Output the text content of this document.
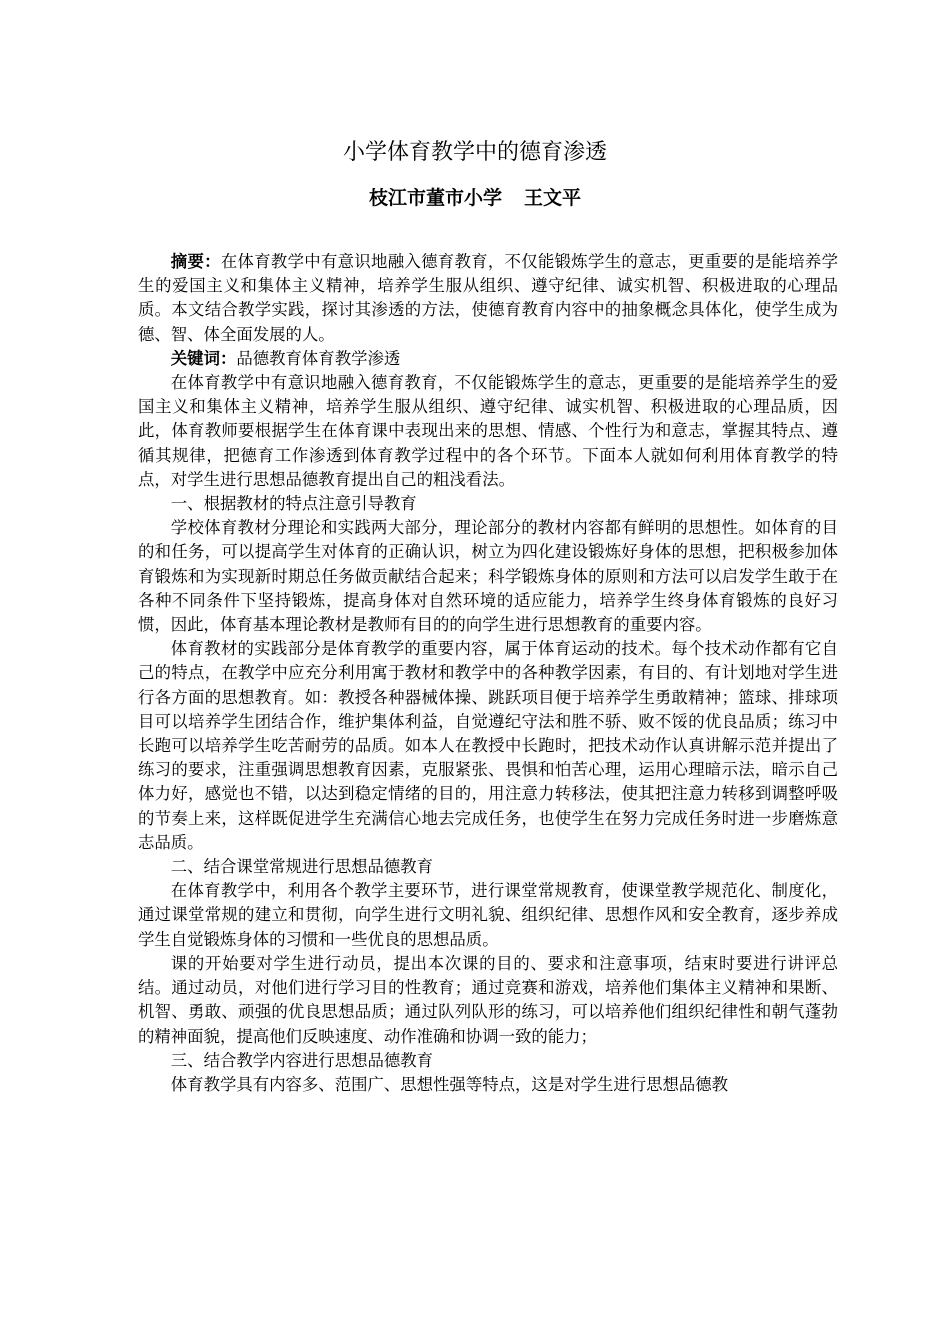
小学体育教学中的德育渗透
枝江市董市小学 王文平

摘要：在体育教学中有意识地融入德育教育，不仅能锻炼学生的意志，更重要的是能培养学生的爱国主义和集体主义精神，培养学生服从组织、遵守纪律、诚实机智、积极进取的心理品质。本文结合教学实践，探讨其渗透的方法，使德育教育内容中的抽象概念具体化，使学生成为德、智、体全面发展的人。

关键词：品德教育体育教学渗透

在体育教学中有意识地融入德育教育，不仅能锻炼学生的意志，更重要的是能培养学生的爱国主义和集体主义精神，培养学生服从组织、遵守纪律、诚实机智、积极进取的心理品质，因此，体育教师要根据学生在体育课中表现出来的思想、情感、个性行为和意志，掌握其特点、遵循其规律，把德育工作渗透到体育教学过程中的各个环节。下面本人就如何利用体育教学的特点，对学生进行思想品德教育提出自己的粗浅看法。

一、根据教材的特点注意引导教育

学校体育教材分理论和实践两大部分，理论部分的教材内容都有鲜明的思想性。如体育的目的和任务，可以提高学生对体育的正确认识，树立为四化建设锻炼好身体的思想，把积极参加体育锻炼和为实现新时期总任务做贡献结合起来；科学锻炼身体的原则和方法可以启发学生敢于在各种不同条件下坚持锻炼，提高身体对自然环境的适应能力，培养学生终身体育锻炼的良好习惯，因此，体育基本理论教材是教师有目的的向学生进行思想教育的重要内容。

体育教材的实践部分是体育教学的重要内容，属于体育运动的技术。每个技术动作都有它自己的特点，在教学中应充分利用寓于教材和教学中的各种教学因素，有目的、有计划地对学生进行各方面的思想教育。如：教授各种器械体操、跳跃项目便于培养学生勇敢精神；篮球、排球项目可以培养学生团结合作，维护集体利益，自觉遵纪守法和胜不骄、败不馁的优良品质；练习中长跑可以培养学生吃苦耐劳的品质。如本人在教授中长跑时，把技术动作认真讲解示范并提出了练习的要求，注重强调思想教育因素，克服紧张、畏惧和怕苦心理，运用心理暗示法，暗示自己体力好，感觉也不错，以达到稳定情绪的目的，用注意力转移法，使其把注意力转移到调整呼吸的节奏上来，这样既促进学生充满信心地去完成任务，也使学生在努力完成任务时进一步磨炼意志品质。

二、结合课堂常规进行思想品德教育

在体育教学中，利用各个教学主要环节，进行课堂常规教育，使课堂教学规范化、制度化，通过课堂常规的建立和贯彻，向学生进行文明礼貌、组织纪律、思想作风和安全教育，逐步养成学生自觉锻炼身体的习惯和一些优良的思想品质。

课的开始要对学生进行动员，提出本次课的目的、要求和注意事项，结束时要进行讲评总结。通过动员，对他们进行学习目的性教育；通过竞赛和游戏，培养他们集体主义精神和果断、机智、勇敢、顽强的优良思想品质；通过队列队形的练习，可以培养他们组织纪律性和朝气蓬勃的精神面貌，提高他们反映速度、动作准确和协调一致的能力；

三、结合教学内容进行思想品德教育

体育教学具有内容多、范围广、思想性强等特点，这是对学生进行思想品德教
